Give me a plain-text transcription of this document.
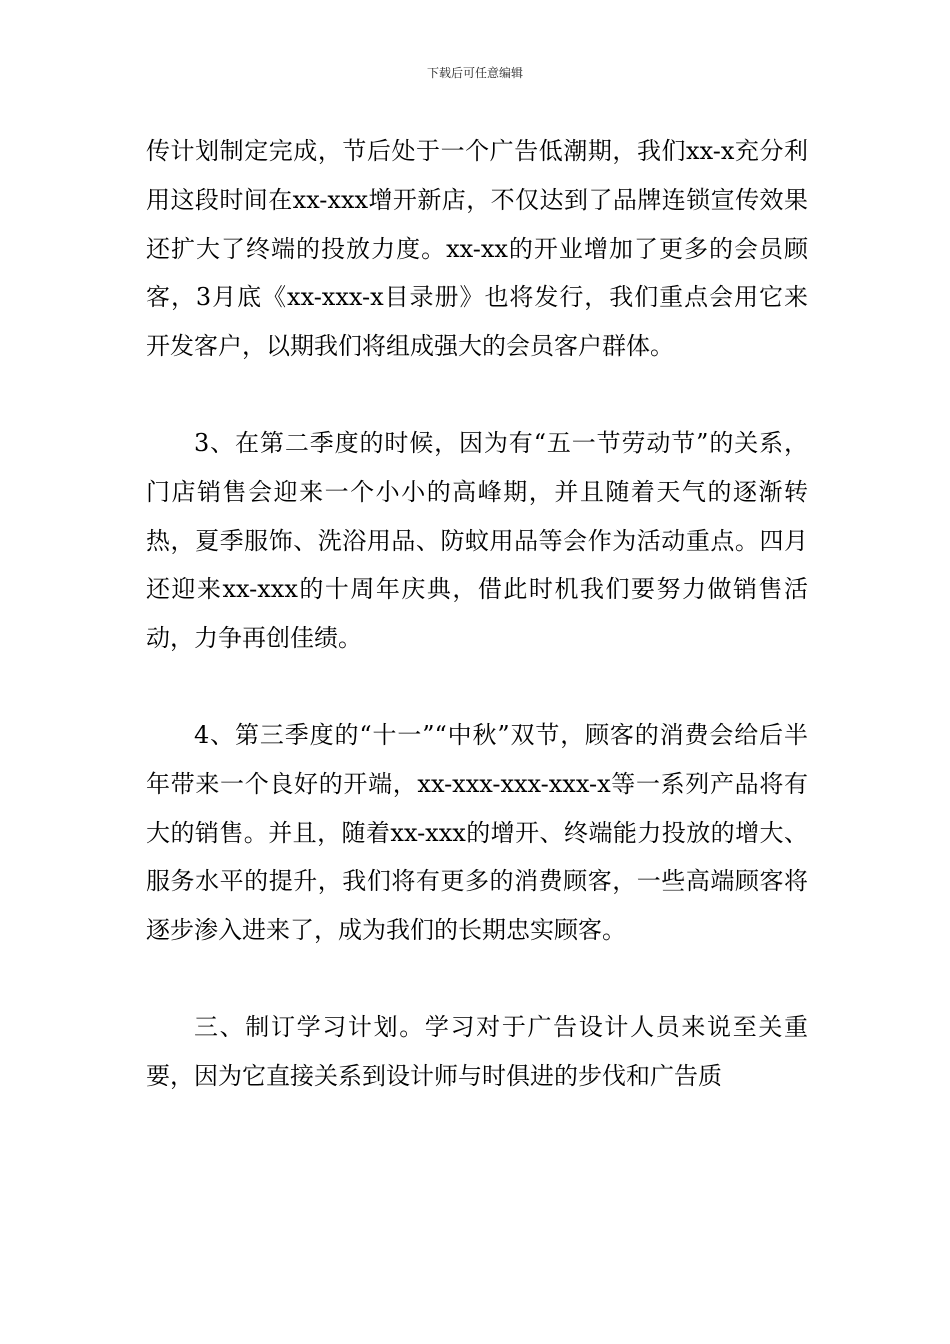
下载后可任意编辑

传计划制定完成，节后处于一个广告低潮期，我们xx-x充分利用这段时间在xx-xxx增开新店，不仅达到了品牌连锁宣传效果还扩大了终端的投放力度。xx-xx的开业增加了更多的会员顾客，3月底《xx-xxx-x目录册》也将发行，我们重点会用它来开发客户，以期我们将组成强大的会员客户群体。

3、在第二季度的时候，因为有“五一节劳动节”的关系，门店销售会迎来一个小小的高峰期，并且随着天气的逐渐转热，夏季服饰、洗浴用品、防蚊用品等会作为活动重点。四月还迎来xx-xxx的十周年庆典，借此时机我们要努力做销售活动，力争再创佳绩。

4、第三季度的“十一”“中秋”双节，顾客的消费会给后半年带来一个良好的开端，xx-xxx-xxx-xxx-x等一系列产品将有大的销售。并且，随着xx-xxx的增开、终端能力投放的增大、服务水平的提升，我们将有更多的消费顾客，一些高端顾客将逐步渗入进来了，成为我们的长期忠实顾客。

三、制订学习计划。学习对于广告设计人员来说至关重要，因为它直接关系到设计师与时俱进的步伐和广告质
